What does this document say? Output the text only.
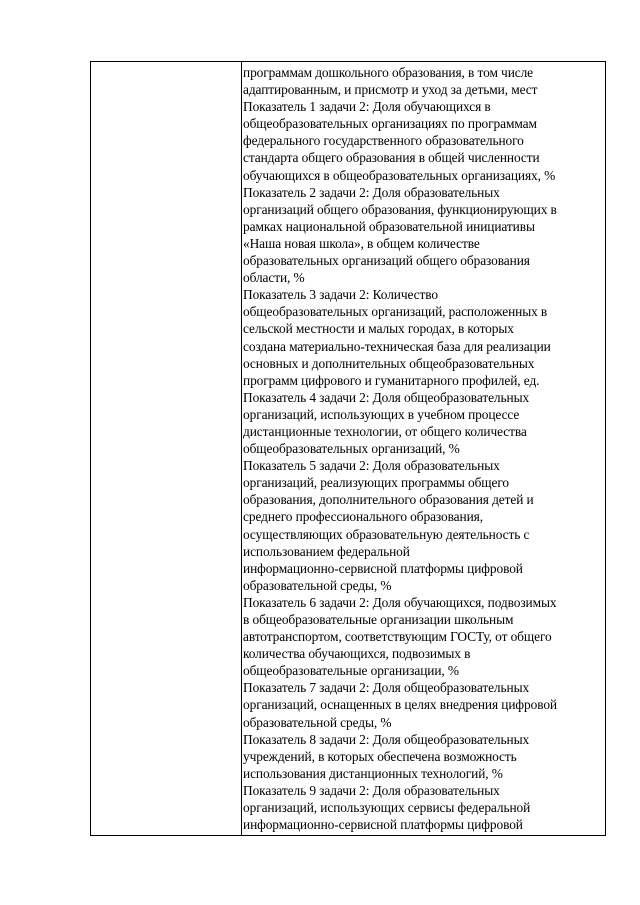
программам дошкольного образования, в том числе
адаптированным, и присмотр и уход за детьми, мест
Показатель 1 задачи 2: Доля обучающихся в
общеобразовательных организациях по программам
федерального государственного образовательного
стандарта общего образования в общей численности
обучающихся в общеобразовательных организациях, %
Показатель 2 задачи 2: Доля образовательных
организаций общего образования, функционирующих в
рамках национальной образовательной инициативы
«Наша новая школа», в общем количестве
образовательных организаций общего образования
области, %
Показатель 3 задачи 2: Количество
общеобразовательных организаций, расположенных в
сельской местности и малых городах, в которых
создана материально-техническая база для реализации
основных и дополнительных общеобразовательных
программ цифрового и гуманитарного профилей, ед.
Показатель 4 задачи 2: Доля общеобразовательных
организаций, использующих в учебном процессе
дистанционные технологии, от общего количества
общеобразовательных организаций, %
Показатель 5 задачи 2: Доля образовательных
организаций, реализующих программы общего
образования, дополнительного образования детей и
среднего профессионального образования,
осуществляющих образовательную деятельность с
использованием федеральной
информационно-сервисной платформы цифровой
образовательной среды, %
Показатель 6 задачи 2: Доля обучающихся, подвозимых
в общеобразовательные организации школьным
автотранспортом, соответствующим ГОСТу, от общего
количества обучающихся, подвозимых в
общеобразовательные организации, %
Показатель 7 задачи 2: Доля общеобразовательных
организаций, оснащенных в целях внедрения цифровой
образовательной среды, %
Показатель 8 задачи 2: Доля общеобразовательных
учреждений, в которых обеспечена возможность
использования дистанционных технологий, %
Показатель 9 задачи 2: Доля образовательных
организаций, использующих сервисы федеральной
информационно-сервисной платформы цифровой
